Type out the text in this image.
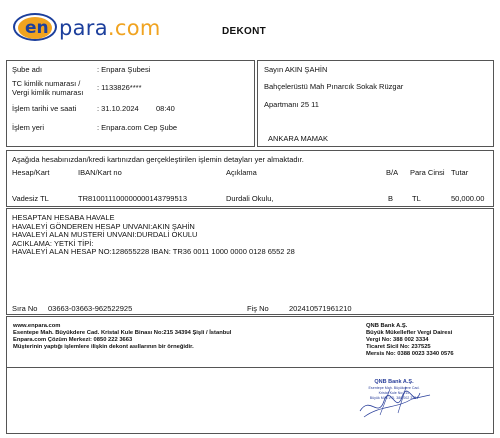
en para.com	DEKONT
Şube adı	: Enpara Şubesi
TC kimlik numarası /
Vergi kimlik numarası
: 1133826****
İşlem tarihi ve saati	: 31.10.2024 08:40
İşlem yeri	: Enpara.com Cep Şube
Sayın AKIN ŞAHİN
Bahçelerüstü Mah Pınarcık Sokak Rüzgar
Apartmanı 25 11
ANKARA MAMAK
Aşağıda hesabınızdan/kredi kartınızdan gerçekleştirilen işlemin detayları yer almaktadır.
Hesap/Kart	IBAN/Kart no	Açıklama	B/A Para Cinsi Tutar
Vadesiz TL	TR810011100000000143799513	Durdali Okulu,	B	TL	50,000.00
HESAPTAN HESABA HAVALE
HAVALEYİ GÖNDEREN HESAP UNVANI:AKIN ŞAHİN
HAVALEYİ ALAN MUSTERİ UNVANI:DURDALİ OKULU
ACIKLAMA: YETKİ TİPİ:
HAVALEYİ ALAN HESAP NO:128655228 IBAN: TR36 0011 1000 0000 0128 6552 28
Sıra No 03663-03663-962522925	Fiş No	202410571961210
www.enpara.com
Esentepe Mah. Büyükdere Cad. Kristal Kule Binası No:215 34394 Şişli / İstanbul
Enpara.com Çözüm Merkezi: 0850 222 3663
Müşterinin yaptığı işlemlere ilişkin dekont asıllarının bir örneğidir.
QNB Bank A.Ş.
Büyük Mükellefler Vergi Dairesi
Vergi No: 388 002 3334
Ticaret Sicil No: 237525
Mersis No: 0388 0023 3340 0576
QNB Bank A.Ş.
Esentepe Mah. Büyükdere Cad.
Kristal Kule No:215
Büyük Mük.V.D. 388 002 3334
